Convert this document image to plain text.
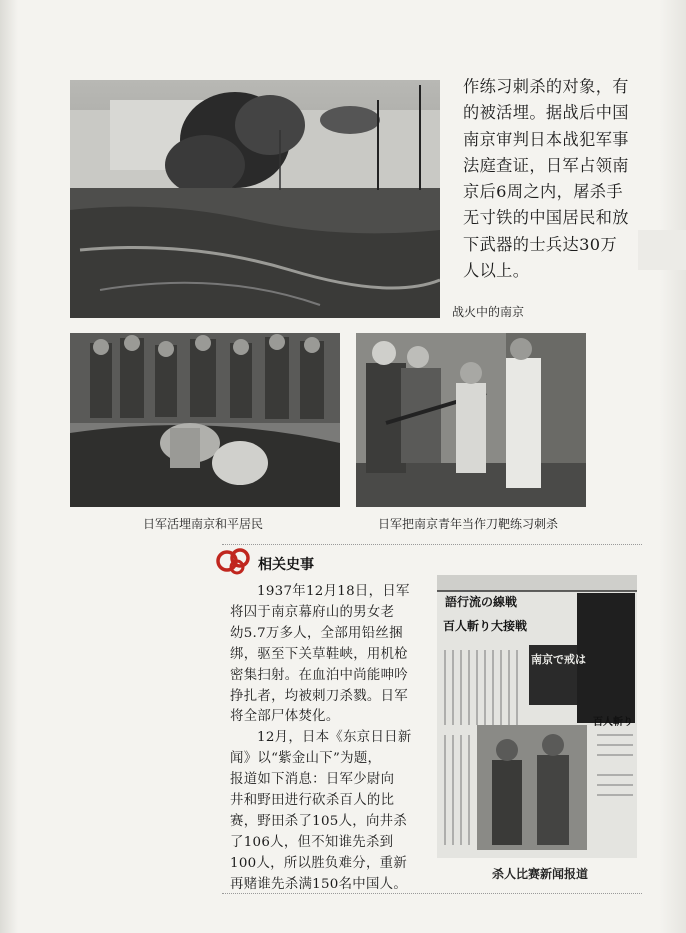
战火中的南京
作练习刺杀的对象，有
的被活埋。据战后中国
南京审判日本战犯军事
法庭查证，日军占领南
京后6周之内，屠杀手
无寸铁的中国居民和放
下武器的士兵达30万
人以上。
日军活埋南京和平居民	日军把南京青年当作刀靶练习刺杀
相关史事
1937年12月18日，日军
将囚于南京幕府山的男女老
幼5.7万多人，全部用铅丝捆
绑，驱至下关草鞋峡，用机枪
密集扫射。在血泊中尚能呻吟
挣扎者，均被刺刀杀戮。日军
将全部尸体焚化。
12月，日本《东京日日新
闻》以“紫金山下”为题，
报道如下消息：日军少尉向
井和野田进行砍杀百人的比
赛，野田杀了105人，向井杀
了106人，但不知谁先杀到
100人，所以胜负难分，重新
再赌谁先杀满150名中国人。
語行流の線戦
百人斬り大接戦
南京で戒は
百人斬り
杀人比赛新闻报道
